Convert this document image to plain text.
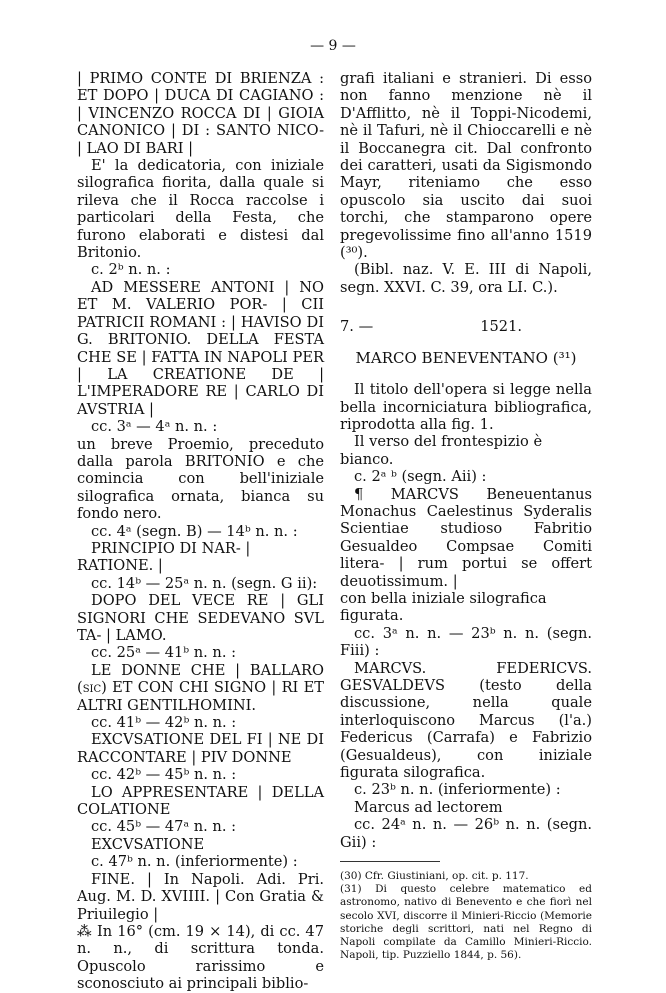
— 9 —

| PRIMO CONTE DI BRIENZA : ET DOPO | DUCA DI CAGIANO : | VINCENZO ROCCA DI | GIOIA CANONICO | DI : SANTO NICO- | LAO DI BARI |

E' la dedicatoria, con iniziale silografica fiorita, dalla quale si rileva che il Rocca raccolse i particolari della Festa, che furono elaborati e distesi dal Britonio.

c. 2ᵇ n. n. :

AD MESSERE ANTONI | NO ET M. VALERIO POR- | CII PATRICII ROMANI : | HAVISO DI G. BRITONIO. DELLA FESTA CHE SE | FATTA IN NAPOLI PER | LA CREATIONE DE | L'IMPERADORE RE | CARLO DI AVSTRIA |

cc. 3ᵃ — 4ᵃ n. n. :

un breve Proemio, preceduto dalla parola BRITONIO e che comincia con bell'iniziale silografica ornata, bianca su fondo nero.

cc. 4ᵃ (segn. B) — 14ᵇ n. n. :

PRINCIPIO DI NAR- | RATIONE. |

cc. 14ᵇ — 25ᵃ n. n. (segn. G ii):

DOPO DEL VECE RE | GLI SIGNORI CHE SEDEVANO SVL TA- | LAMO.

cc. 25ᵃ — 41ᵇ n. n. :

LE DONNE CHE | BALLARO (sic) ET CON CHI SIGNO | RI ET ALTRI GENTILHOMINI.

cc. 41ᵇ — 42ᵇ n. n. :

EXCVSATIONE DEL FI | NE DI RACCONTARE | PIV DONNE

cc. 42ᵇ — 45ᵇ n. n. :

LO APPRESENTARE | DELLA COLATIONE

cc. 45ᵇ — 47ᵃ n. n. :

EXCVSATIONE

c. 47ᵇ n. n. (inferiormente) :

FINE. | In Napoli. Adi. Pri. Aug. M. D. XVIIII. | Con Gratia & Priuilegio |

⁂ In 16° (cm. 19 × 14), di cc. 47 n. n., di scrittura tonda. Opuscolo rarissimo e sconosciuto ai principali biblio-

grafi italiani e stranieri. Di esso non fanno menzione nè il D'Afflitto, nè il Toppi-Nicodemi, nè il Tafuri, nè il Chioccarelli e nè il Boccanegra cit. Dal confronto dei caratteri, usati da Sigismondo Mayr, riteniamo che esso opuscolo sia uscito dai suoi torchi, che stamparono opere pregevolissime fino all'anno 1519 (³⁰).

(Bibl. naz. V. E. III di Napoli, segn. XXVI. C. 39, ora LI. C.).

7. —	1521.

MARCO BENEVENTANO (³¹)

Il titolo dell'opera si legge nella bella incorniciatura bibliografica, riprodotta alla fig. 1.

Il verso del frontespizio è bianco.

c. 2ᵃ ᵇ (segn. Aii) :

¶ MARCVS Beneuentanus Monachus Caelestinus Syderalis Scientiae studioso Fabritio Gesualdeo Compsae Comiti litera- | rum portui se offert deuotissimum. |

con bella iniziale silografica figurata.

cc. 3ᵃ n. n. — 23ᵇ n. n. (segn. Fiii) :

MARCVS. FEDERICVS. GESVALDEVS (testo della discussione, nella quale interloquiscono Marcus (l'a.) Federicus (Carrafa) e Fabrizio (Gesualdeus), con iniziale figurata silografica.

c. 23ᵇ n. n. (inferiormente) :

Marcus ad lectorem

cc. 24ᵃ n. n. — 26ᵇ n. n. (segn. Gii) :

(30) Cfr. Giustiniani, op. cit. p. 117.

(31) Di questo celebre matematico ed astronomo, nativo di Benevento e che fiorì nel secolo XVI, discorre il Minieri-Riccio (Memorie storiche degli scrittori, nati nel Regno di Napoli compilate da Camillo Minieri-Riccio. Napoli, tip. Puzziello 1844, p. 56).
